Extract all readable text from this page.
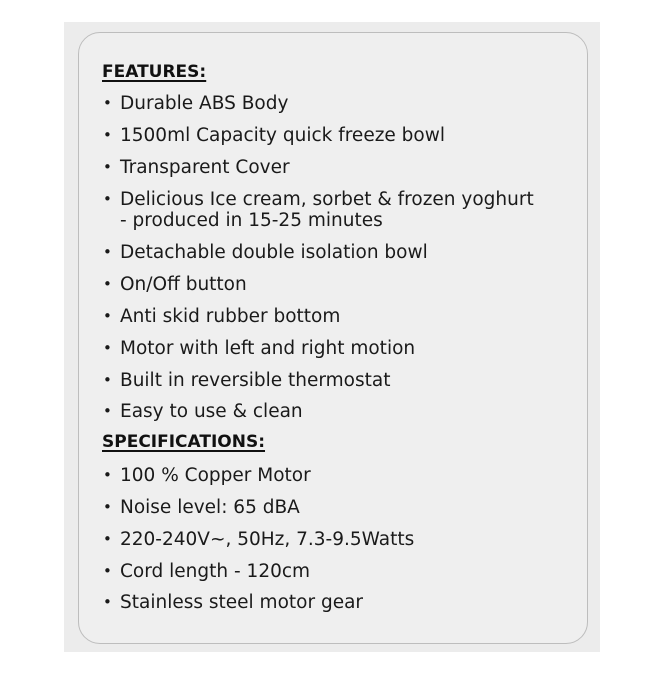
FEATURES:
• Durable ABS Body
• 1500ml Capacity quick freeze bowl
• Transparent Cover
• Delicious Ice cream, sorbet & frozen yoghurt
- produced in 15-25 minutes
• Detachable double isolation bowl
• On/Off button
• Anti skid rubber bottom
• Motor with left and right motion
• Built in reversible thermostat
• Easy to use & clean
SPECIFICATIONS:
• 100 % Copper Motor
• Noise level: 65 dBA
• 220-240V~, 50Hz, 7.3-9.5Watts
• Cord length - 120cm
• Stainless steel motor gear
